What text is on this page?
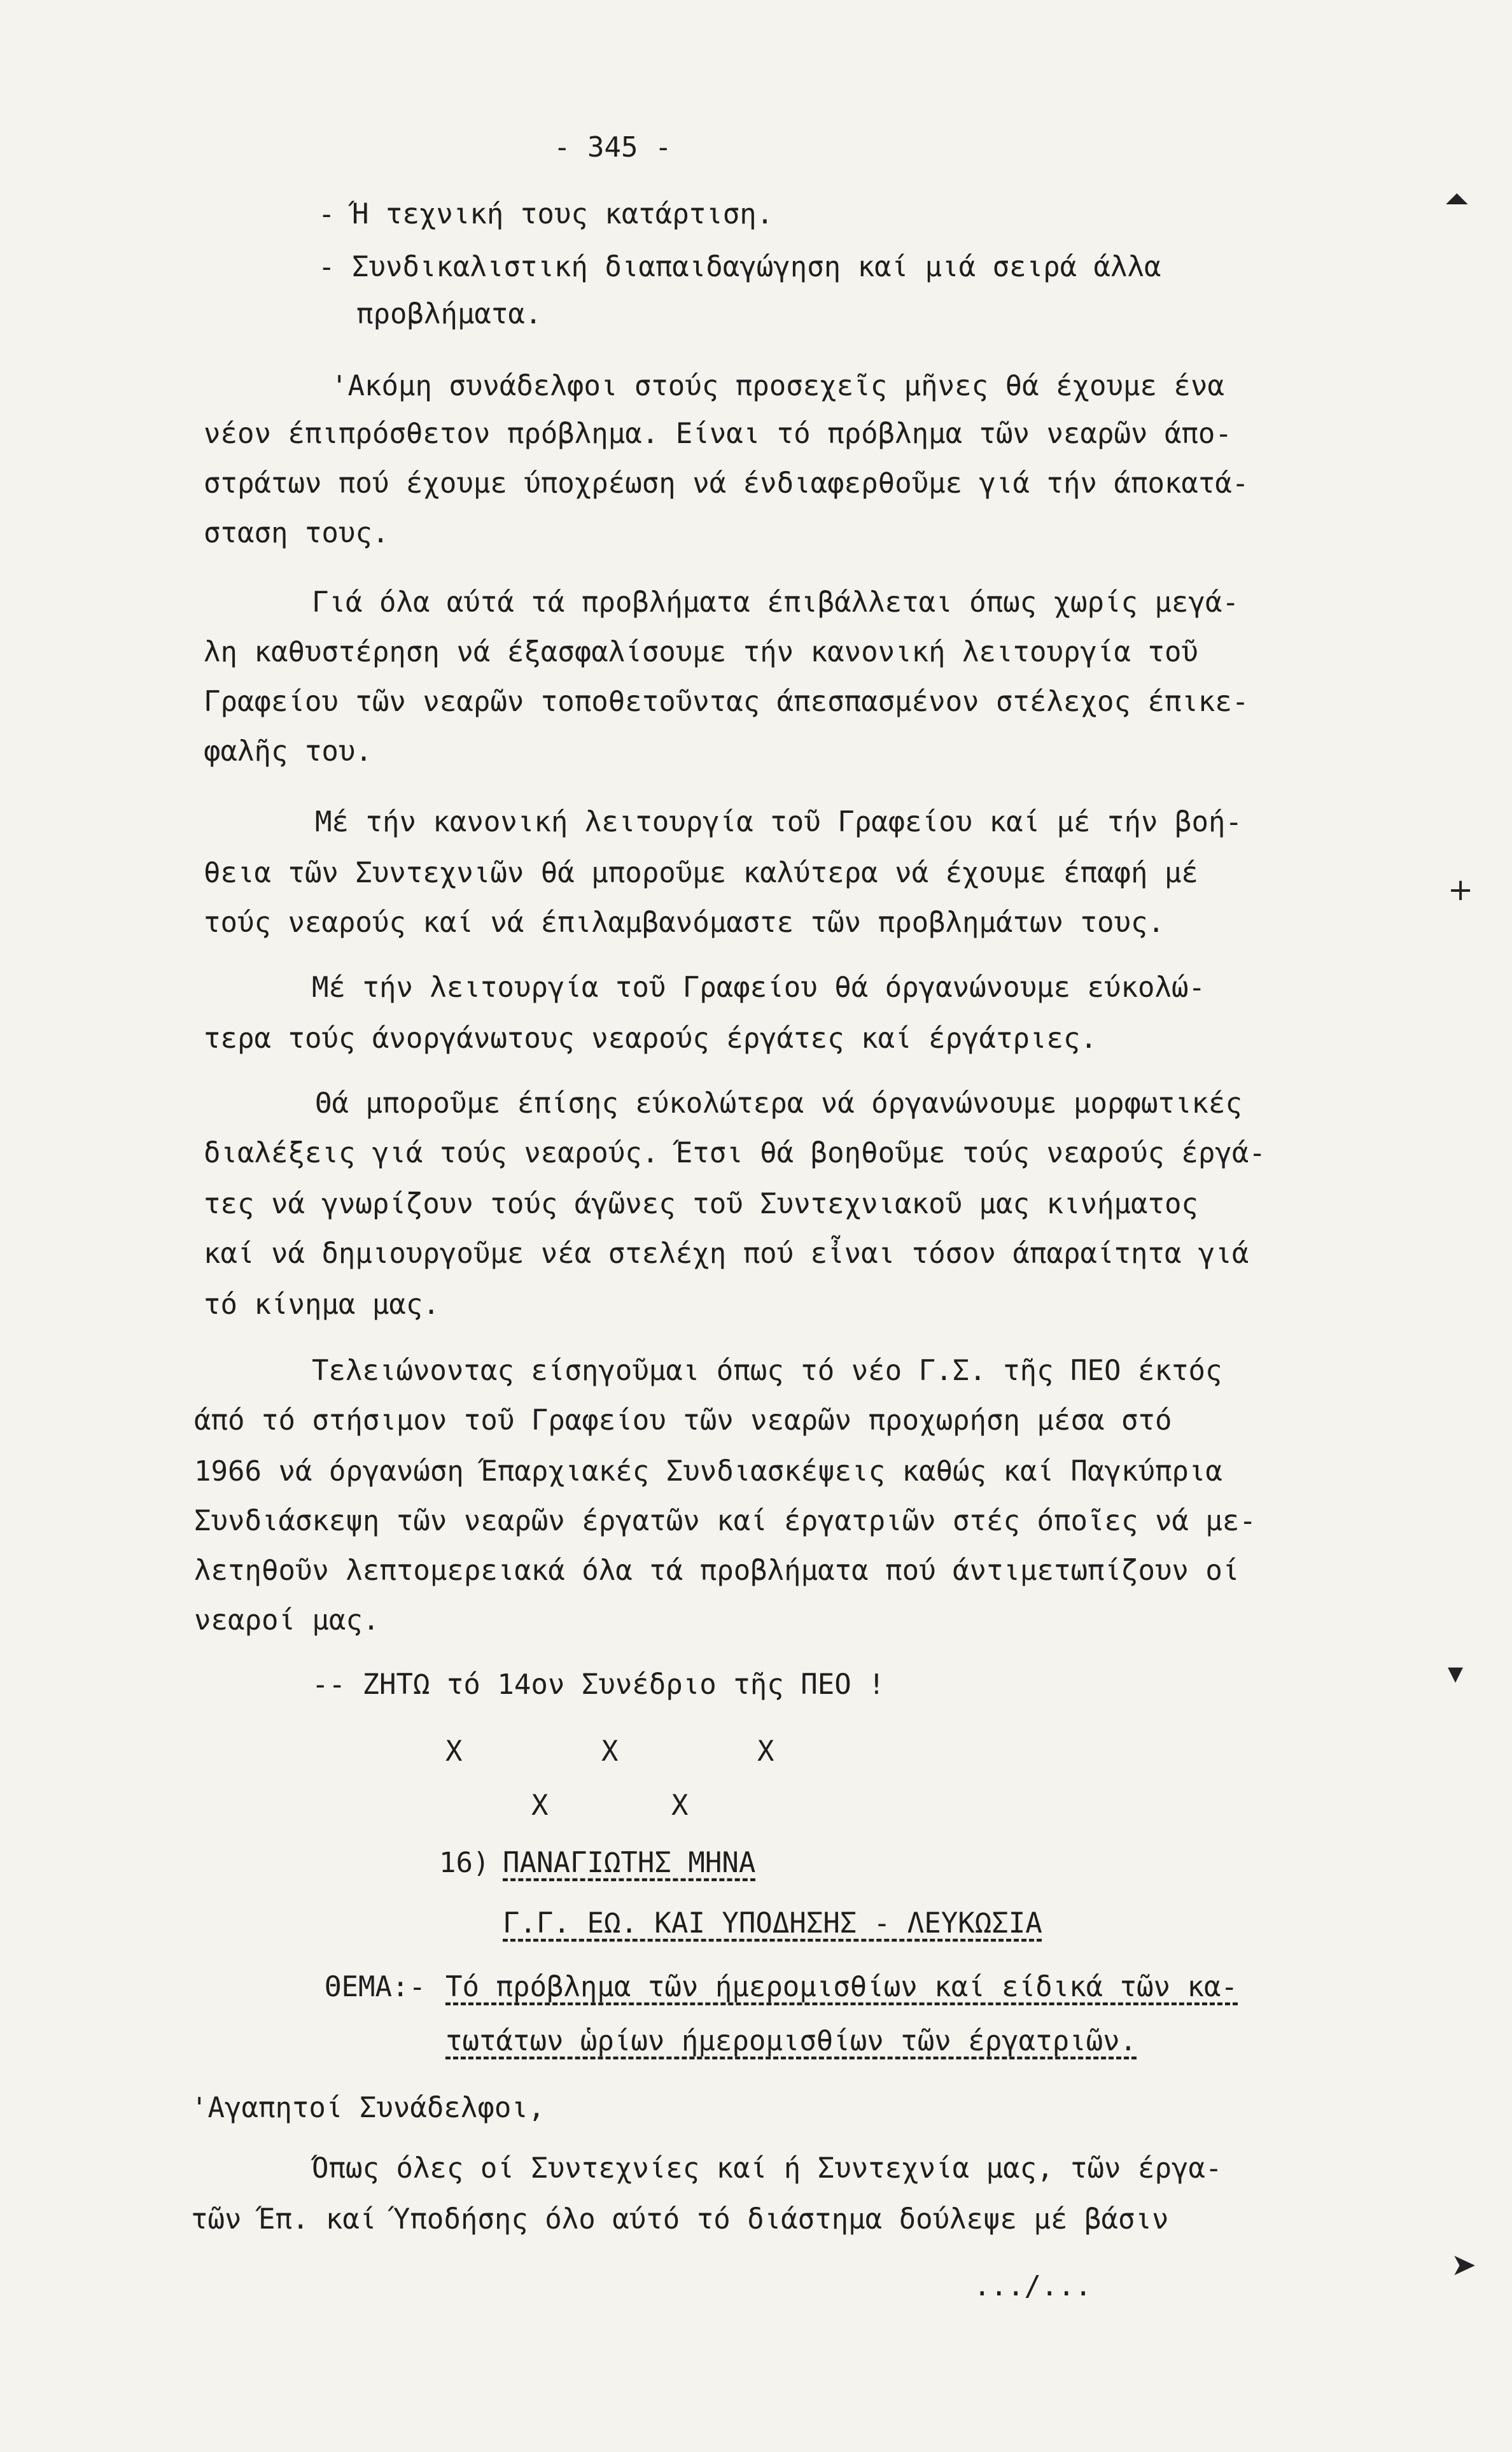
- 345 -
- Ή τεχνική τους κατάρτιση.
- Συνδικαλιστική διαπαιδαγώγηση καί μιά σειρά άλλα
προβλήματα.
'Ακόμη συνάδελφοι στούς προσεχεῖς μῆνες θά έχουμε ένα
νέον έπιπρόσθετον πρόβλημα. Είναι τό πρόβλημα τῶν νεαρῶν άπο-
στράτων πού έχουμε ύποχρέωση νά ένδιαφερθοῦμε γιά τήν άποκατά-
σταση τους.
Γιά όλα αύτά τά προβλήματα έπιβάλλεται όπως χωρίς μεγά-
λη καθυστέρηση νά έξασφαλίσουμε τήν κανονική λειτουργία τοῦ
Γραφείου τῶν νεαρῶν τοποθετοῦντας άπεσπασμένον στέλεχος έπικε-
φαλῆς του.
Μέ τήν κανονική λειτουργία τοῦ Γραφείου καί μέ τήν βοή-
θεια τῶν Συντεχνιῶν θά μποροῦμε καλύτερα νά έχουμε έπαφή μέ
τούς νεαρούς καί νά έπιλαμβανόμαστε τῶν προβλημάτων τους.
Μέ τήν λειτουργία τοῦ Γραφείου θά όργανώνουμε εύκολώ-
τερα τούς άνοργάνωτους νεαρούς έργάτες καί έργάτριες.
Θά μποροῦμε έπίσης εύκολώτερα νά όργανώνουμε μορφωτικές
διαλέξεις γιά τούς νεαρούς. Έτσι θά βοηθοῦμε τούς νεαρούς έργά-
τες νά γνωρίζουν τούς άγῶνες τοῦ Συντεχνιακοῦ μας κινήματος
καί νά δημιουργοῦμε νέα στελέχη πού εἶναι τόσον άπαραίτητα γιά
τό κίνημα μας.
Τελειώνοντας είσηγοῦμαι όπως τό νέο Γ.Σ. τῆς ΠΕΟ έκτός
άπό τό στήσιμον τοῦ Γραφείου τῶν νεαρῶν προχωρήση μέσα στό
1966 νά όργανώση Έπαρχιακές Συνδιασκέψεις καθώς καί Παγκύπρια
Συνδιάσκεψη τῶν νεαρῶν έργατῶν καί έργατριῶν στές όποῖες νά με-
λετηθοῦν λεπτομερειακά όλα τά προβλήματα πού άντιμετωπίζουν οί
νεαροί μας.
-- ΖΗΤΩ τό 14ον Συνέδριο τῆς ΠΕΟ !
Χ	Χ	Χ
Χ	Χ
16) ΠΑΝΑΓΙΩΤΗΣ ΜΗΝΑ
Γ.Γ. ΕΩ. ΚΑΙ ΥΠΟΔΗΣΗΣ - ΛΕΥΚΩΣΙΑ
ΘΕΜΑ:- Τό πρόβλημα τῶν ήμερομισθίων καί είδικά τῶν κα-
τωτάτων ὡρίων ήμερομισθίων τῶν έργατριῶν.
'Αγαπητοί Συνάδελφοι,
Όπως όλες οί Συντεχνίες καί ή Συντεχνία μας, τῶν έργα-
τῶν Έπ. καί Ύποδήσης όλο αύτό τό διάστημα δούλεψε μέ βάσιν
.../...
⏶
+
▾
➤
